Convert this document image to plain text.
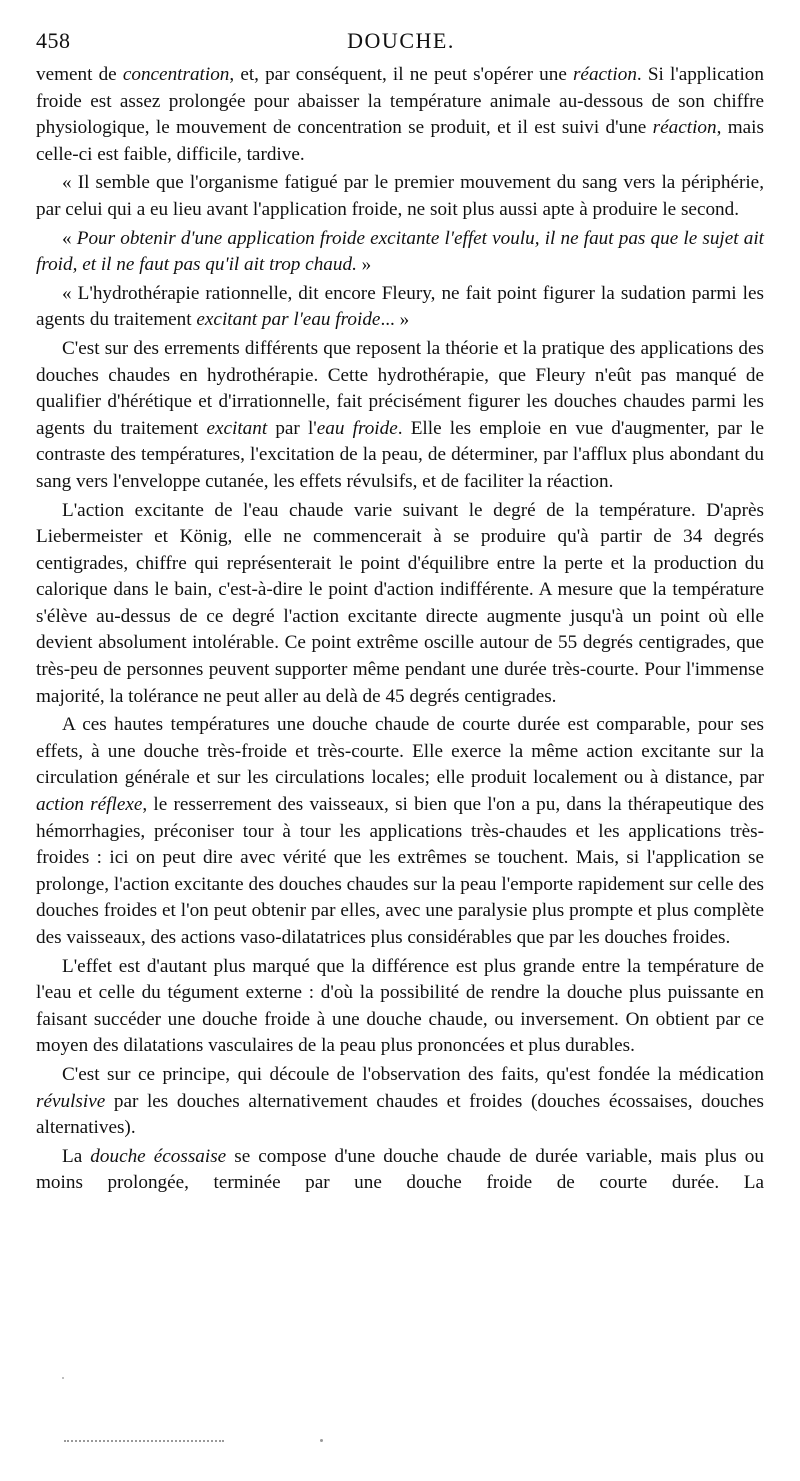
458	DOUCHE.

vement de concentration, et, par conséquent, il ne peut s'opérer une réaction. Si l'application froide est assez prolongée pour abaisser la température animale au-dessous de son chiffre physiologique, le mouvement de concentration se produit, et il est suivi d'une réaction, mais celle-ci est faible, difficile, tardive.

« Il semble que l'organisme fatigué par le premier mouvement du sang vers la périphérie, par celui qui a eu lieu avant l'application froide, ne soit plus aussi apte à produire le second.

« Pour obtenir d'une application froide excitante l'effet voulu, il ne faut pas que le sujet ait froid, et il ne faut pas qu'il ait trop chaud. »

« L'hydrothérapie rationnelle, dit encore Fleury, ne fait point figurer la sudation parmi les agents du traitement excitant par l'eau froide... »

C'est sur des errements différents que reposent la théorie et la pratique des applications des douches chaudes en hydrothérapie. Cette hydrothérapie, que Fleury n'eût pas manqué de qualifier d'hérétique et d'irrationnelle, fait précisément figurer les douches chaudes parmi les agents du traitement excitant par l'eau froide. Elle les emploie en vue d'augmenter, par le contraste des températures, l'excitation de la peau, de déterminer, par l'afflux plus abondant du sang vers l'enveloppe cutanée, les effets révulsifs, et de faciliter la réaction.

L'action excitante de l'eau chaude varie suivant le degré de la température. D'après Liebermeister et König, elle ne commencerait à se produire qu'à partir de 34 degrés centigrades, chiffre qui représenterait le point d'équilibre entre la perte et la production du calorique dans le bain, c'est-à-dire le point d'action indifférente. A mesure que la température s'élève au-dessus de ce degré l'action excitante directe augmente jusqu'à un point où elle devient absolument intolérable. Ce point extrême oscille autour de 55 degrés centigrades, que très-peu de personnes peuvent supporter même pendant une durée très-courte. Pour l'immense majorité, la tolérance ne peut aller au delà de 45 degrés centigrades.

A ces hautes températures une douche chaude de courte durée est comparable, pour ses effets, à une douche très-froide et très-courte. Elle exerce la même action excitante sur la circulation générale et sur les circulations locales; elle produit localement ou à distance, par action réflexe, le resserrement des vaisseaux, si bien que l'on a pu, dans la thérapeutique des hémorrhagies, préconiser tour à tour les applications très-chaudes et les applications très-froides : ici on peut dire avec vérité que les extrêmes se touchent. Mais, si l'application se prolonge, l'action excitante des douches chaudes sur la peau l'emporte rapidement sur celle des douches froides et l'on peut obtenir par elles, avec une paralysie plus prompte et plus complète des vaisseaux, des actions vaso-dilatatrices plus considérables que par les douches froides.

L'effet est d'autant plus marqué que la différence est plus grande entre la température de l'eau et celle du tégument externe : d'où la possibilité de rendre la douche plus puissante en faisant succéder une douche froide à une douche chaude, ou inversement. On obtient par ce moyen des dilatations vasculaires de la peau plus prononcées et plus durables.

C'est sur ce principe, qui découle de l'observation des faits, qu'est fondée la médication révulsive par les douches alternativement chaudes et froides (douches écossaises, douches alternatives).

La douche écossaise se compose d'une douche chaude de durée variable, mais plus ou moins prolongée, terminée par une douche froide de courte durée. La
